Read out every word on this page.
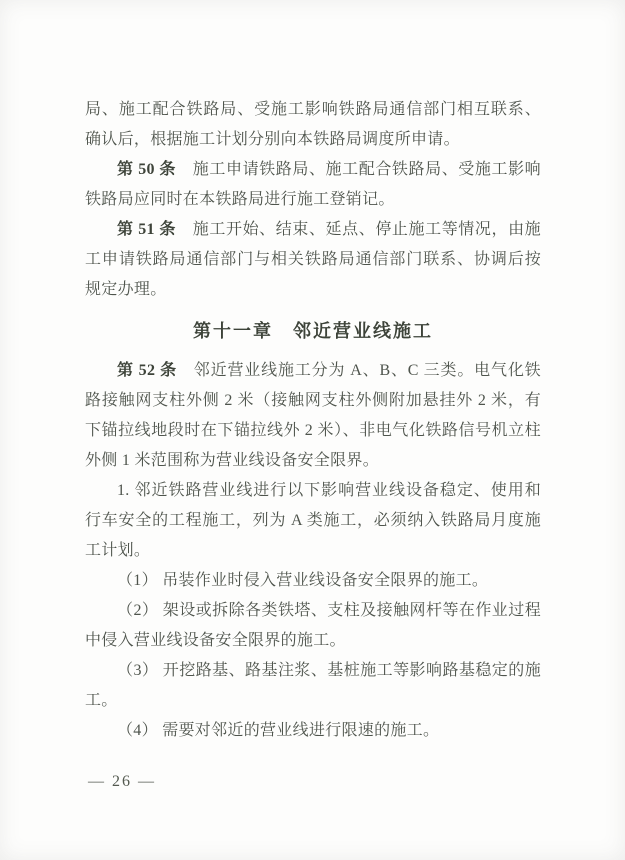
局、施工配合铁路局、受施工影响铁路局通信部门相互联系、确认后，根据施工计划分别向本铁路局调度所申请。

第 50 条 施工申请铁路局、施工配合铁路局、受施工影响铁路局应同时在本铁路局进行施工登销记。

第 51 条 施工开始、结束、延点、停止施工等情况，由施工申请铁路局通信部门与相关铁路局通信部门联系、协调后按规定办理。

第十一章　邻近营业线施工

第 52 条 邻近营业线施工分为 A、B、C 三类。电气化铁路接触网支柱外侧 2 米（接触网支柱外侧附加悬挂外 2 米，有下锚拉线地段时在下锚拉线外 2 米）、非电气化铁路信号机立柱外侧 1 米范围称为营业线设备安全限界。

1. 邻近铁路营业线进行以下影响营业线设备稳定、使用和行车安全的工程施工，列为 A 类施工，必须纳入铁路局月度施工计划。

（1） 吊装作业时侵入营业线设备安全限界的施工。

（2） 架设或拆除各类铁塔、支柱及接触网杆等在作业过程中侵入营业线设备安全限界的施工。

（3） 开挖路基、路基注浆、基桩施工等影响路基稳定的施工。

（4） 需要对邻近的营业线进行限速的施工。

— 26 —
